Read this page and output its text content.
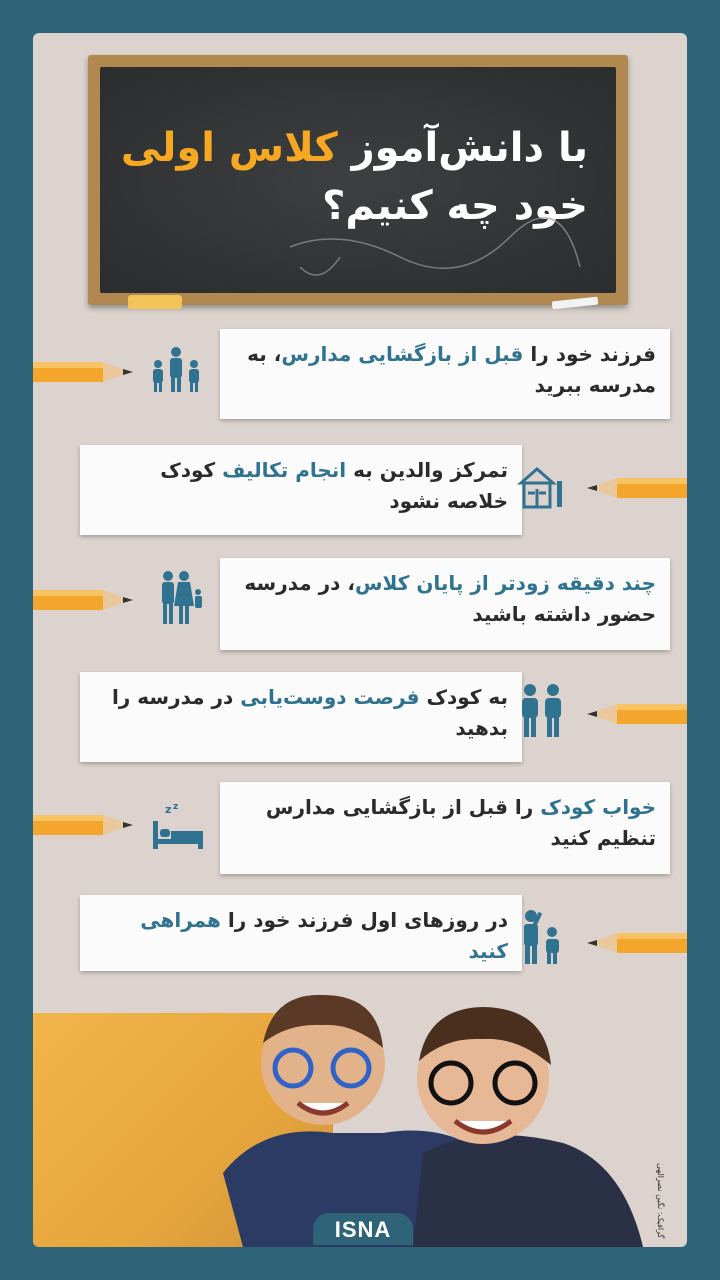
با دانش‌آموز کلاس اولی
خود چه کنیم؟
فرزند خود را قبل از بازگشایی مدارس، به مدرسه ببرید
تمرکز والدین به انجام تکالیف کودک خلاصه نشود
چند دقیقه زودتر از پایان کلاس، در مدرسه حضور داشته باشید
به کودک فرصت دوست‌یابی در مدرسه را بدهید
خواب کودک را قبل از بازگشایی مدارس تنظیم کنید
z z
در روزهای اول فرزند خود را همراهی کنید
گرافیک: نگین نصرالهی
ISNA
